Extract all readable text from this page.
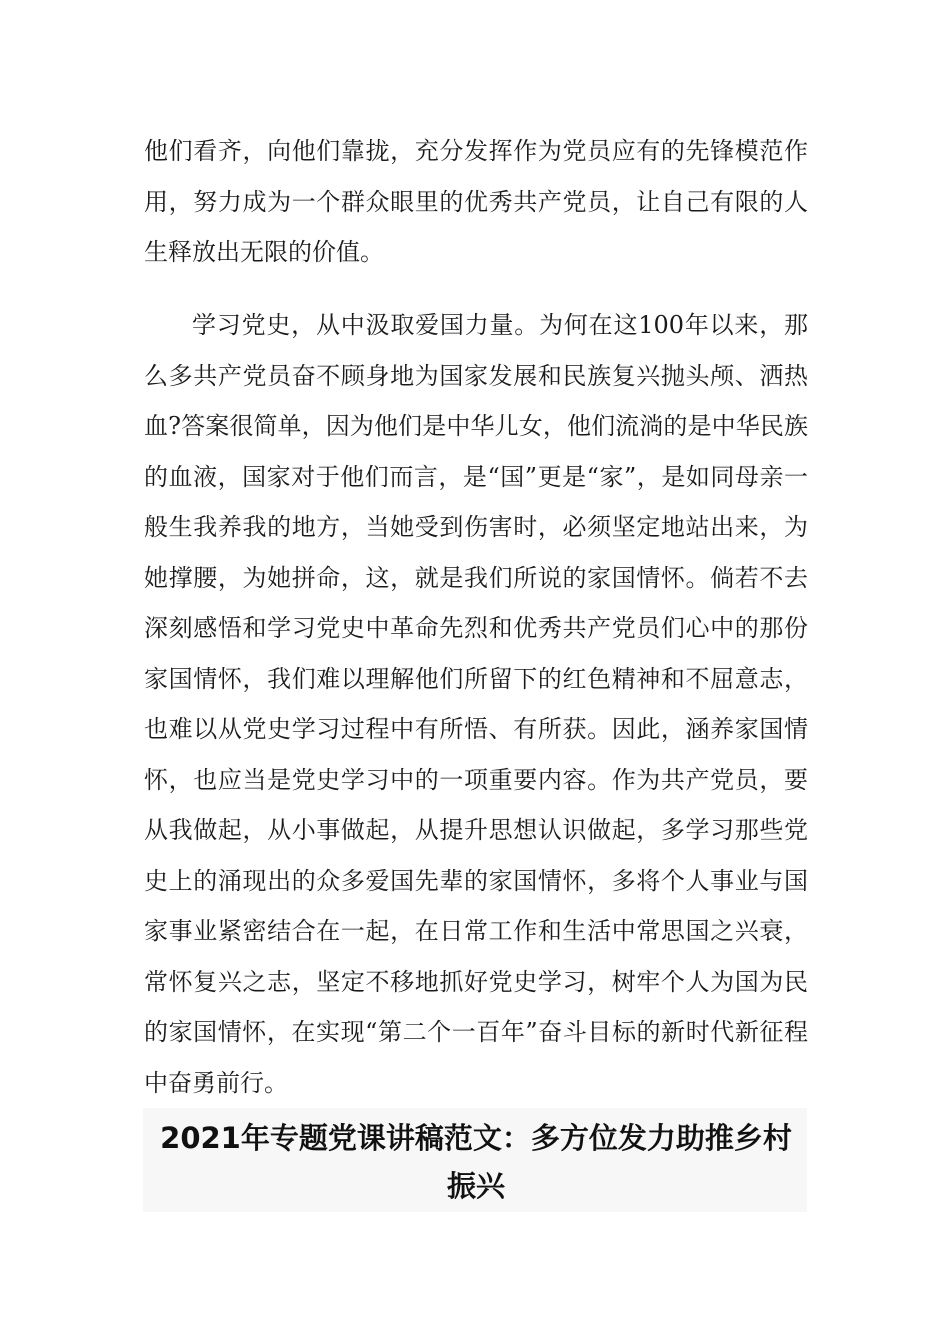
他们看齐，向他们靠拢，充分发挥作为党员应有的先锋模范作用，努力成为一个群众眼里的优秀共产党员，让自己有限的人生释放出无限的价值。

学习党史，从中汲取爱国力量。为何在这100年以来，那么多共产党员奋不顾身地为国家发展和民族复兴抛头颅、洒热血?答案很简单，因为他们是中华儿女，他们流淌的是中华民族的血液，国家对于他们而言，是“国”更是“家”，是如同母亲一般生我养我的地方，当她受到伤害时，必须坚定地站出来，为她撑腰，为她拼命，这，就是我们所说的家国情怀。倘若不去深刻感悟和学习党史中革命先烈和优秀共产党员们心中的那份家国情怀，我们难以理解他们所留下的红色精神和不屈意志，也难以从党史学习过程中有所悟、有所获。因此，涵养家国情怀，也应当是党史学习中的一项重要内容。作为共产党员，要从我做起，从小事做起，从提升思想认识做起，多学习那些党史上的涌现出的众多爱国先辈的家国情怀，多将个人事业与国家事业紧密结合在一起，在日常工作和生活中常思国之兴衰，常怀复兴之志，坚定不移地抓好党史学习，树牢个人为国为民的家国情怀，在实现“第二个一百年”奋斗目标的新时代新征程中奋勇前行。

2021年专题党课讲稿范文：多方位发力助推乡村振兴
